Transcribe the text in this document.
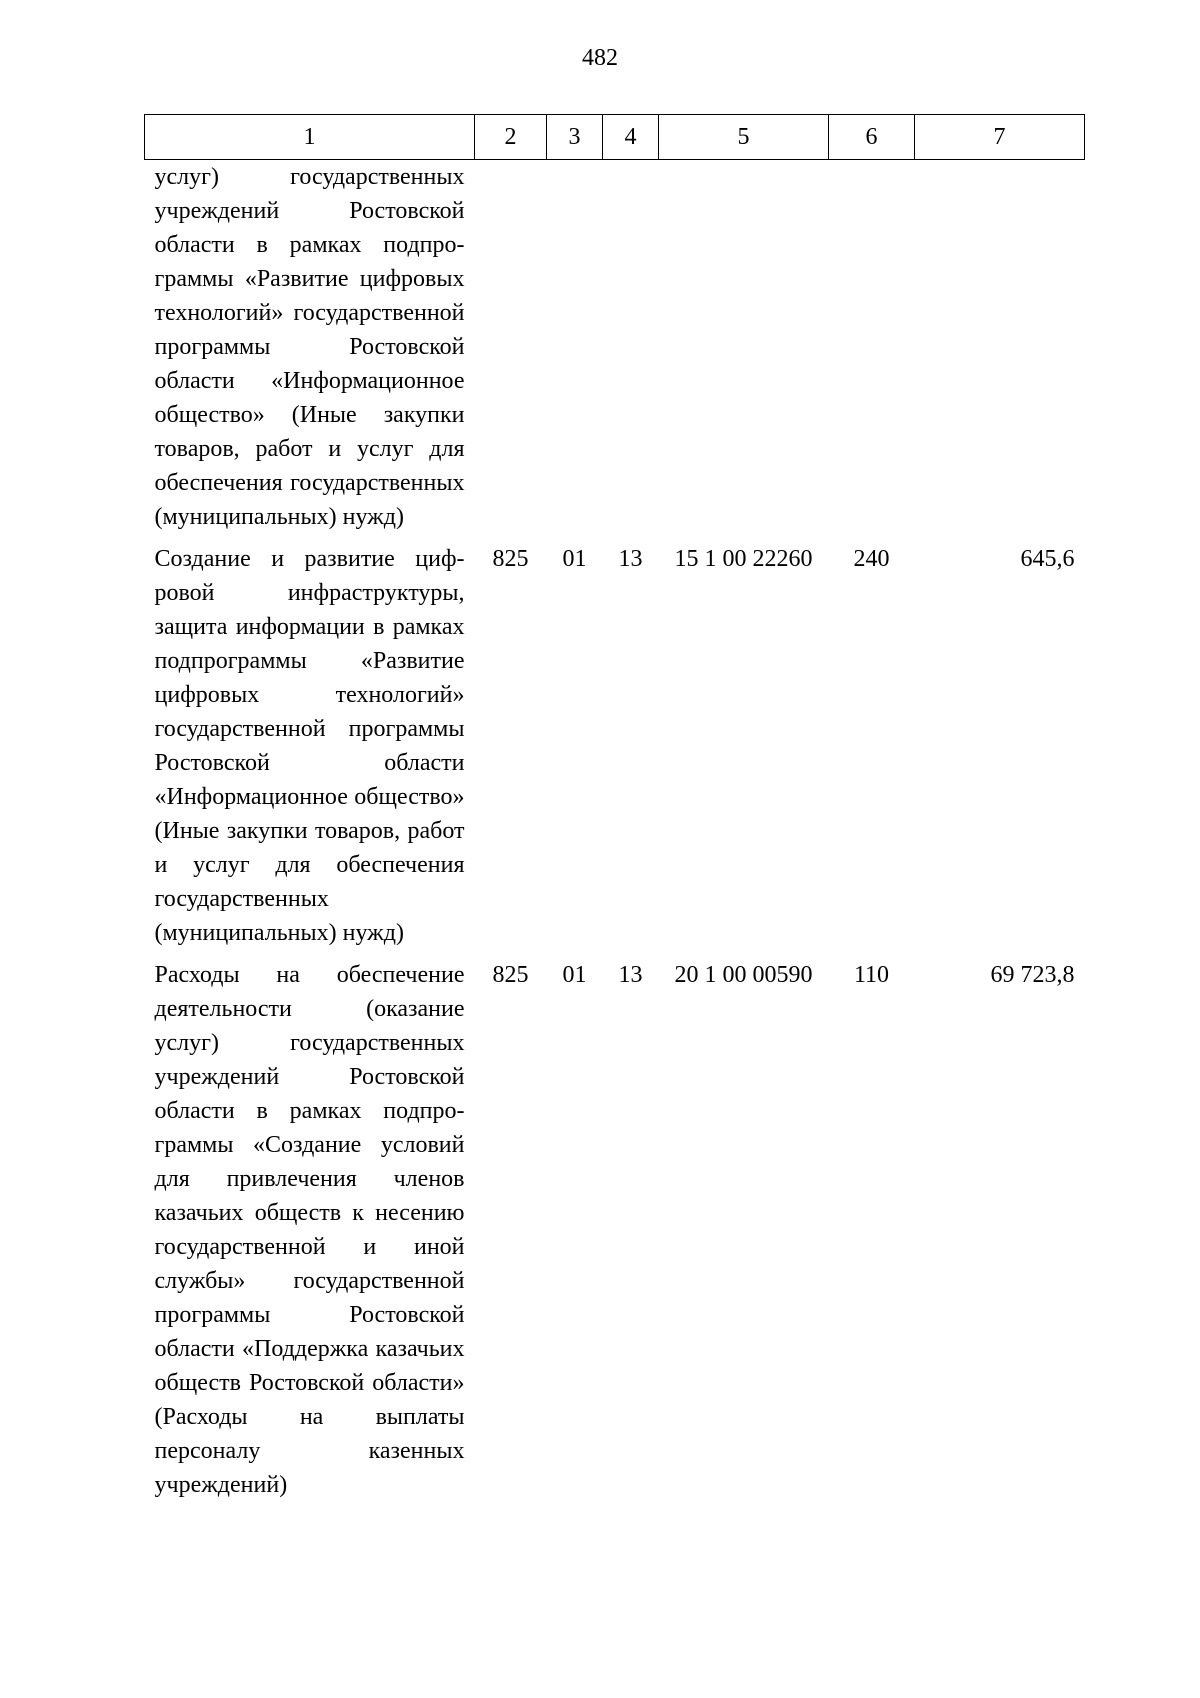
482
1	2	3	4	5	6	7
услуг) государственных учреждений Ростовской области в рамках подпрограммы «Развитие цифровых технологий» государственной программы Ростовской области «Информационное общество» (Иные закупки товаров, работ и услуг для обеспечения государственных (муниципальных) нужд)						
Создание и развитие цифровой инфраструктуры, защита информации в рамках подпрограммы «Развитие цифровых технологий» государственной программы Ростовской области «Информационное общество» (Иные закупки товаров, работ и услуг для обеспечения государственных (муниципальных) нужд)	825	01	13	15 1 00 22260	240	645,6
Расходы на обеспечение деятельности (оказание услуг) государственных учреждений Ростовской области в рамках подпрограммы «Создание условий для привлечения членов казачьих обществ к несению государственной и иной службы» государственной программы Ростовской области «Поддержка казачьих обществ Ростовской области» (Расходы на выплаты персоналу казенных учреждений)	825	01	13	20 1 00 00590	110	69 723,8
